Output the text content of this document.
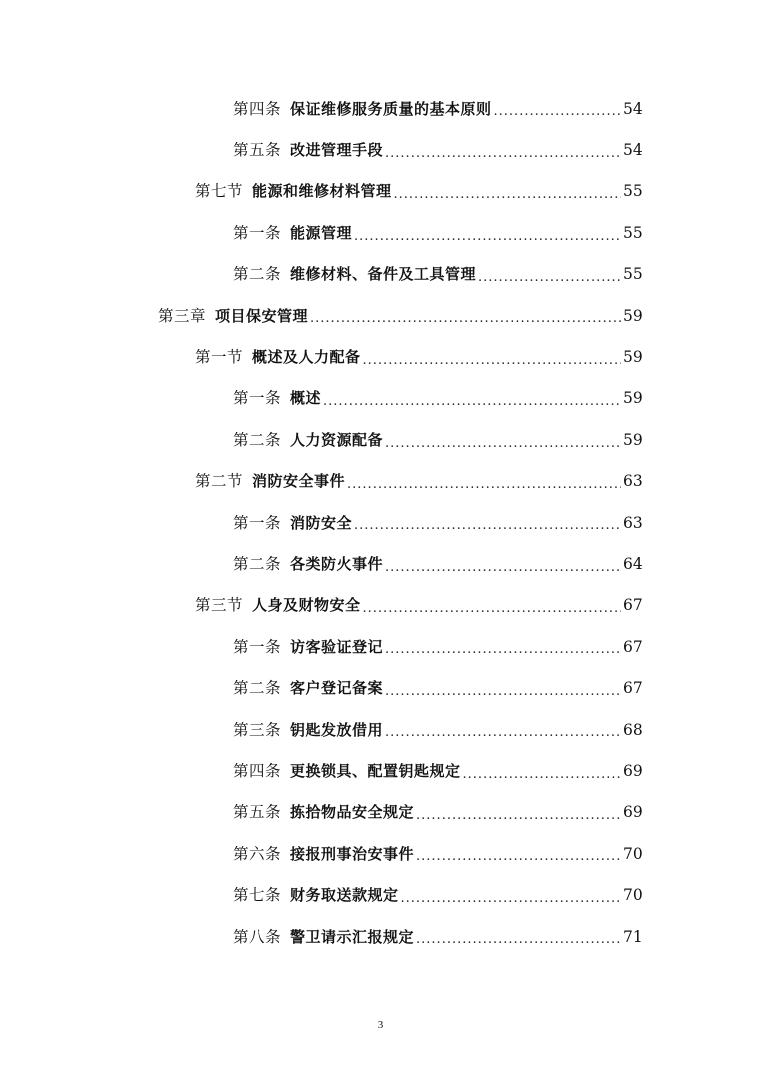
第四条 保证维修服务质量的基本原则 .....	54
第五条 改进管理手段 .....	54
第七节 能源和维修材料管理 .....	55
第一条 能源管理 .....	55
第二条 维修材料、备件及工具管理 .....	55
第三章 项目保安管理 .....	59
第一节 概述及人力配备 .....	59
第一条 概述 .....	59
第二条 人力资源配备 .....	59
第二节 消防安全事件 .....	63
第一条 消防安全 .....	63
第二条 各类防火事件 .....	64
第三节 人身及财物安全 .....	67
第一条 访客验证登记 .....	67
第二条 客户登记备案 .....	67
第三条 钥匙发放借用 .....	68
第四条 更换锁具、配置钥匙规定 .....	69
第五条 拣拾物品安全规定 .....	69
第六条 接报刑事治安事件 .....	70
第七条 财务取送款规定 .....	70
第八条 警卫请示汇报规定 .....	71
3
